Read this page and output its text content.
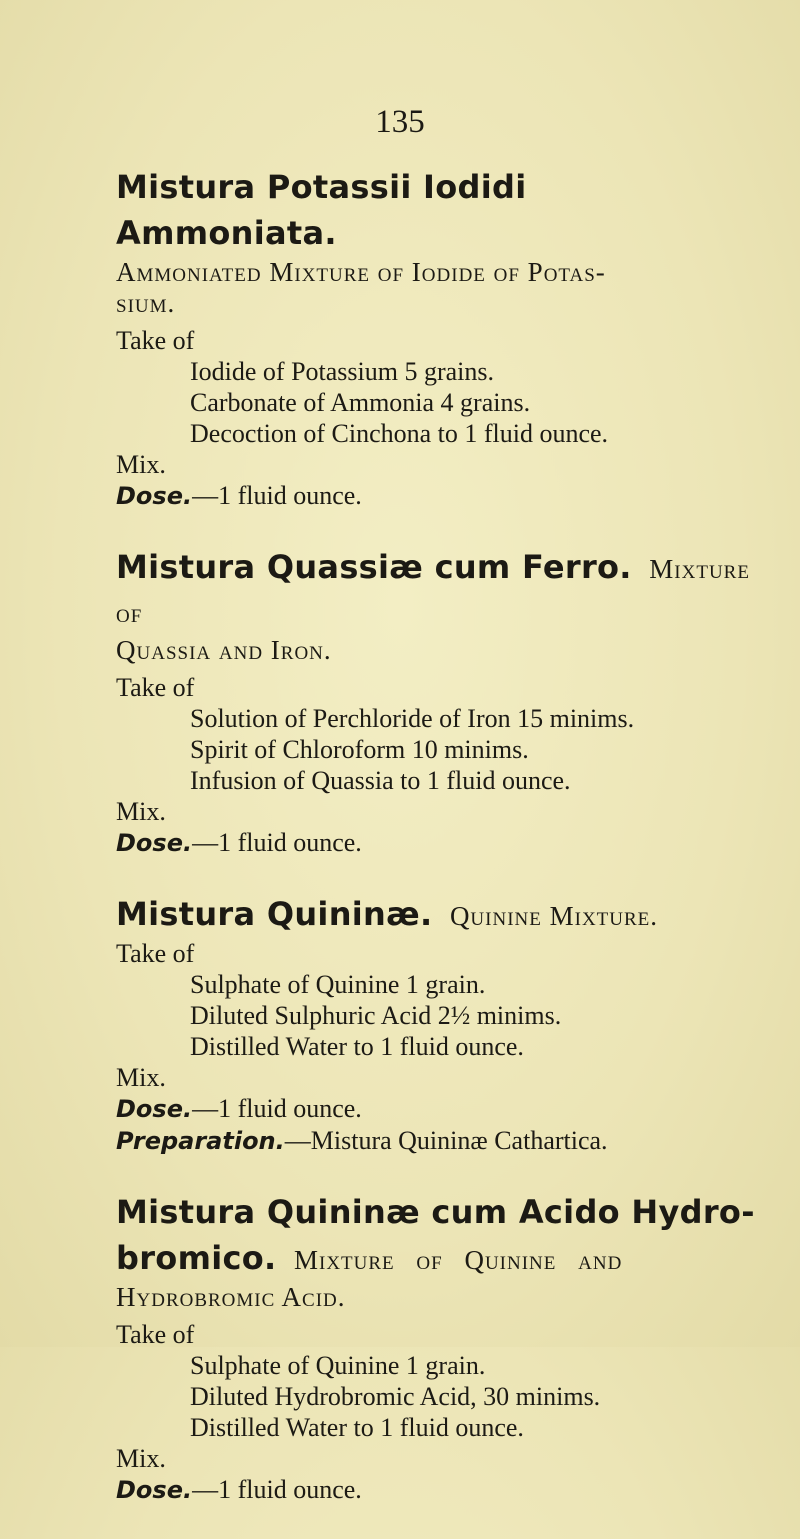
135

Mistura Potassii Iodidi Ammoniata.

Ammoniated Mixture of Iodide of Potas-

sium.

Take of

Iodide of Potassium 5 grains.

Carbonate of Ammonia 4 grains.

Decoction of Cinchona to 1 fluid ounce.

Mix.

Dose.—1 fluid ounce.

Mistura Quassiæ cum Ferro. Mixture of

Quassia and Iron.

Take of

Solution of Perchloride of Iron 15 minims.

Spirit of Chloroform 10 minims.

Infusion of Quassia to 1 fluid ounce.

Mix.

Dose.—1 fluid ounce.

Mistura Quininæ. Quinine Mixture.

Take of

Sulphate of Quinine 1 grain.

Diluted Sulphuric Acid 2½ minims.

Distilled Water to 1 fluid ounce.

Mix.

Dose.—1 fluid ounce.

Preparation.—Mistura Quininæ Cathartica.

Mistura Quininæ cum Acido Hydro-

bromico. Mixture of Quinine and

Hydrobromic Acid.

Take of

Sulphate of Quinine 1 grain.

Diluted Hydrobromic Acid, 30 minims.

Distilled Water to 1 fluid ounce.

Mix.

Dose.—1 fluid ounce.
